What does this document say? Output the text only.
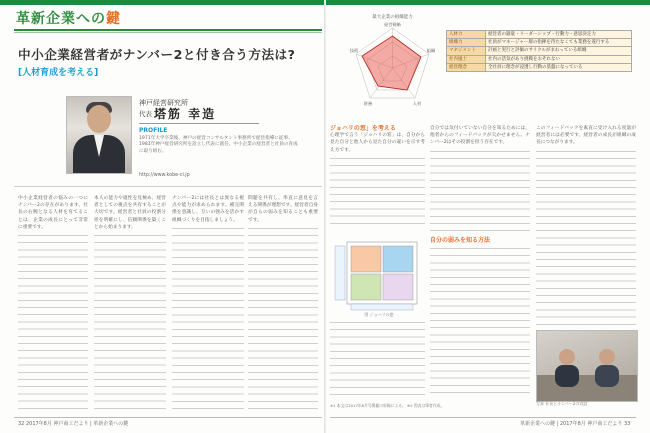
革新企業への鍵
中小企業経営者がナンバー2と付き合う方法は?
[人材育成を考える]
神戸経営研究所
代表 塔筋 幸造
PROFILE
1971年大学卒業後、神戸の経営コンサルタント事務所で経営指導に従事。1981年神戸経営研究所を設立し代表に就任、中小企業の経営者と社員の育成に取り組む。
http://www.kobe-ci.jp
中小企業経営者の悩みの一つにナンバー2の存在があります。社長の右腕となる人材を育てることは、企業の成長にとって非常に重要です。
本人の能力や適性を見極め、経営者としての視点を共有することが大切です。経営者と社員の役割分担を明確にし、信頼関係を築くことから始まります。
ナンバー2には社長とは異なる視点や能力が求められます。補完関係を意識し、互いの強みを活かす組織づくりを目指しましょう。
問題を共有し、率直に意見を言える関係が理想です。経営者自身が自らの弱みを知ることも重要です。
32 2017年8月 神戸商工だより | 革新企業への鍵
最大企業の組織能力
経営戦略
組織
人材
財務
技術
人材力	経営者の器量・リーダーシップ・行動力・意思決定力
組織力	社員がマネージャー層の指揮を待たなくても業務を遂行する
マネジメント	計画と実行と評価のサイクルがまわっている組織
社内風土	社内の活気があり挑戦をおそれない
経営理念	全社員に理念が浸透し行動の基盤になっている
ジョハリの窓」を考える
心理学で言う「ジョハリの窓」は、自分から見た自分と他人から見た自分の違いを示す考え方です。
図 ジョハリの窓
自分では気付いていない自分を知るためには、他者からのフィードバックが欠かせません。ナンバー2はその役割を担う存在です。
自分の弱みを知る方法
このフィードバックを素直に受け入れる度量が経営者には必要です。経営者の成長が組織の成長につながります。
写真 社長とナンバー2の対話
※1 本文は2017年8月号掲載の原稿による。 ※2 図表は筆者作成。
革新企業への鍵 | 2017年8月 神戸商工だより 33
